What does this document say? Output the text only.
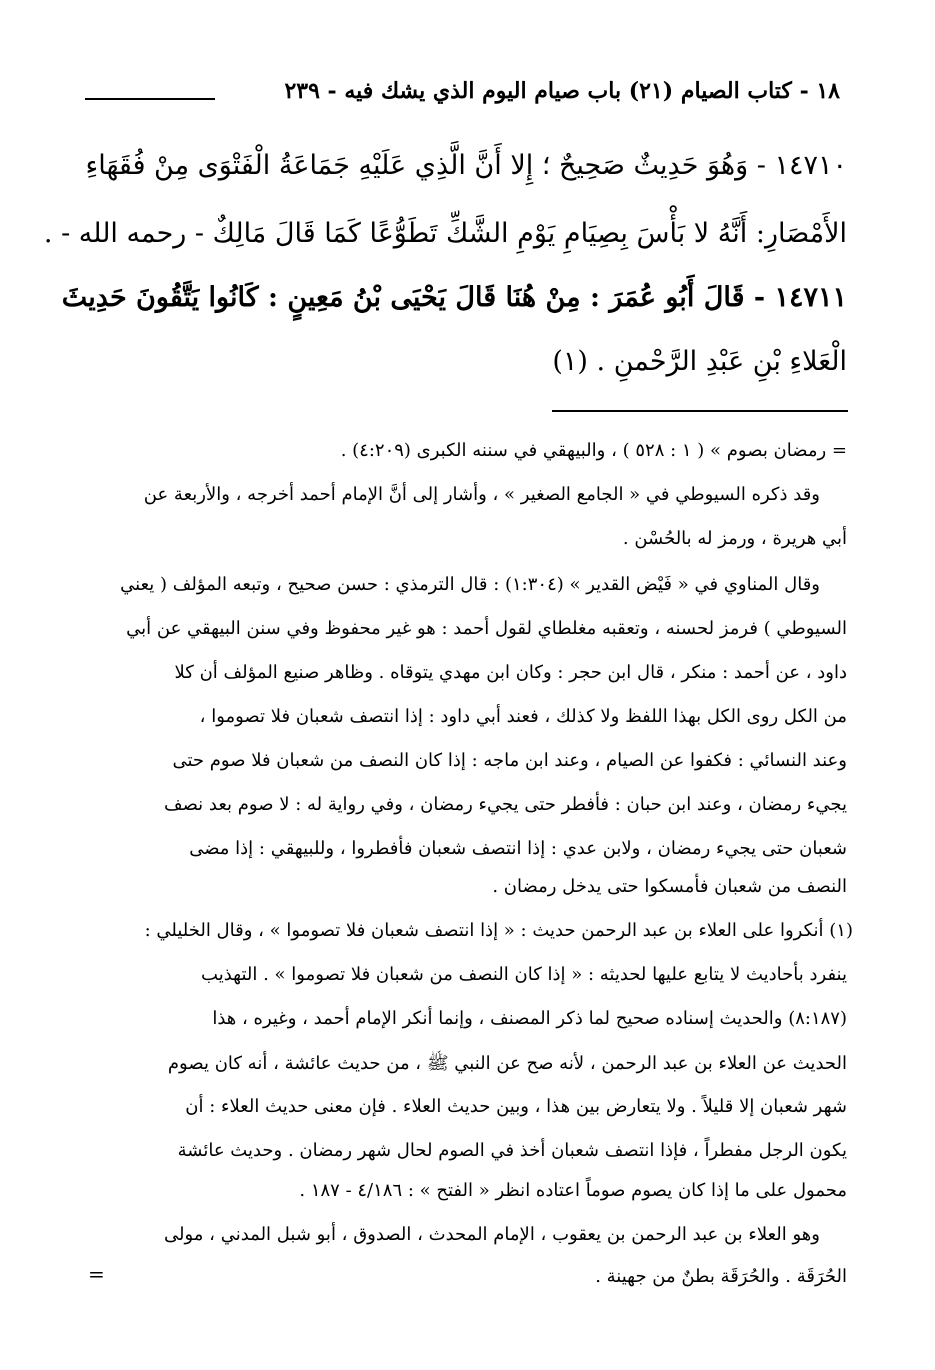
١٨ - كتاب الصيام (٢١) باب صيام اليوم الذي يشك فيه - ٢٣٩
١٤٧١٠ - وَهُوَ حَدِيثٌ صَحِيحٌ ؛ إِلا أَنَّ الَّذِي عَلَيْهِ جَمَاعَةُ الْفَتْوَى مِنْ فُقَهَاءِ
الأَمْصَارِ: أَنَّهُ لا بَأْسَ بِصِيَامِ يَوْمِ الشَّكِّ تَطَوُّعًا كَمَا قَالَ مَالِكٌ - رحمه الله - .
١٤٧١١ - قَالَ أَبُو عُمَرَ : مِنْ هُنَا قَالَ يَحْيَى بْنُ مَعِينٍ : كَانُوا يَتَّقُونَ حَدِيثَ
الْعَلاءِ بْنِ عَبْدِ الرَّحْمنِ . (١)
= رمضان بصوم » ( ١ : ٥٢٨ ) ، والبيهقي في سننه الكبرى (٤:٢٠٩) .
وقد ذكره السيوطي في « الجامع الصغير » ، وأشار إلى أنَّ الإمام أحمد أخرجه ، والأربعة عن
أبي هريرة ، ورمز له بالحُسْن .
وقال المناوي في « فَيْض القدير » (١:٣٠٤) : قال الترمذي : حسن صحيح ، وتبعه المؤلف ( يعني
السيوطي ) فرمز لحسنه ، وتعقبه مغلطاي لقول أحمد : هو غير محفوظ وفي سنن البيهقي عن أبي
داود ، عن أحمد : منكر ، قال ابن حجر : وكان ابن مهدي يتوقاه . وظاهر صنيع المؤلف أن كلا
من الكل روى الكل بهذا اللفظ ولا كذلك ، فعند أبي داود : إذا انتصف شعبان فلا تصوموا ،
وعند النسائي : فكفوا عن الصيام ، وعند ابن ماجه : إذا كان النصف من شعبان فلا صوم حتى
يجيء رمضان ، وعند ابن حبان : فأفطر حتى يجيء رمضان ، وفي رواية له : لا صوم بعد نصف
شعبان حتى يجيء رمضان ، ولابن عدي : إذا انتصف شعبان فأفطروا ، وللبيهقي : إذا مضى
النصف من شعبان فأمسكوا حتى يدخل رمضان .
(١) أنكروا على العلاء بن عبد الرحمن حديث : « إذا انتصف شعبان فلا تصوموا » ، وقال الخليلي :
ينفرد بأحاديث لا يتابع عليها لحديثه : « إذا كان النصف من شعبان فلا تصوموا » . التهذيب
(٨:١٨٧) والحديث إسناده صحيح لما ذكر المصنف ، وإنما أنكر الإمام أحمد ، وغيره ، هذا
الحديث عن العلاء بن عبد الرحمن ، لأنه صح عن النبي ﷺ ، من حديث عائشة ، أنه كان يصوم
شهر شعبان إلا قليلاً . ولا يتعارض بين هذا ، وبين حديث العلاء . فإن معنى حديث العلاء : أن
يكون الرجل مفطراً ، فإذا انتصف شعبان أخذ في الصوم لحال شهر رمضان . وحديث عائشة
محمول على ما إذا كان يصوم صوماً اعتاده انظر « الفتح » : ٤/١٨٦ - ١٨٧ .
وهو العلاء بن عبد الرحمن بن يعقوب ، الإمام المحدث ، الصدوق ، أبو شبل المدني ، مولى
الحُرَقَة . والحُرَقَة بطنٌ من جهينة .
=
